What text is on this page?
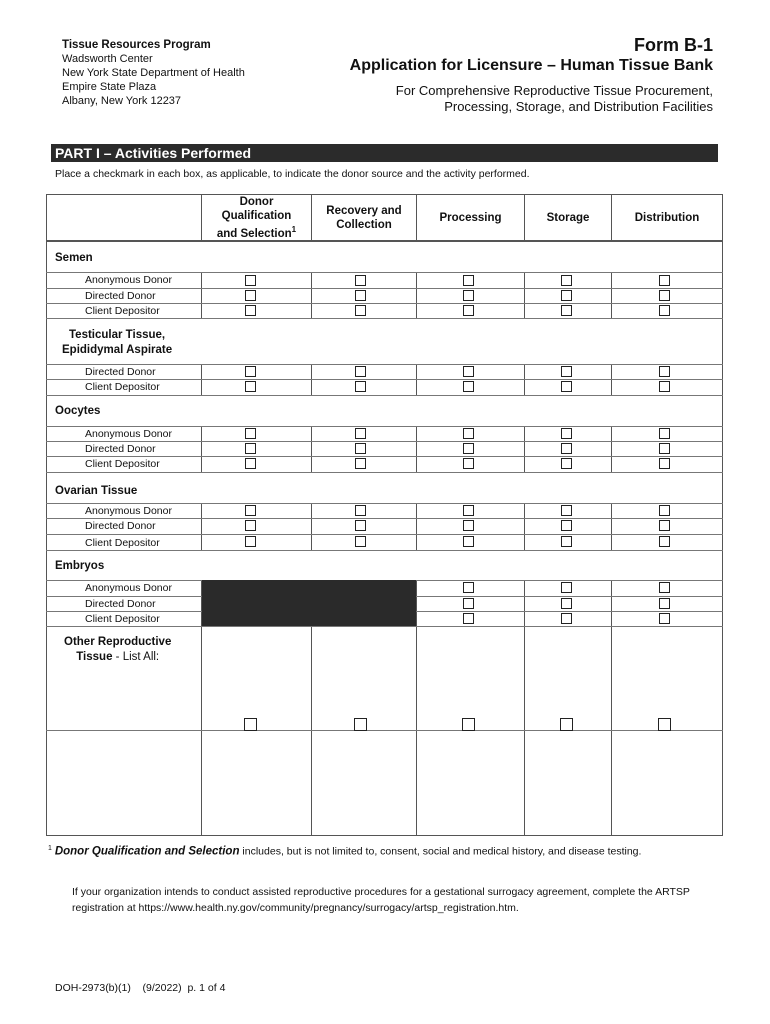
Tissue Resources Program
Wadsworth Center
New York State Department of Health
Empire State Plaza
Albany, New York 12237
Form B-1
Application for Licensure – Human Tissue Bank
For Comprehensive Reproductive Tissue Procurement,
Processing, Storage, and Distribution Facilities
PART I – Activities Performed
Place a checkmark in each box, as applicable, to indicate the donor source and the activity performed.
Donor
Qualification
and Selection$^1$
Recovery and
Collection
Processing	Storage	Distribution
Semen
Testicular Tissue,
Epididymal Aspirate
Oocytes
Ovarian Tissue
Embryos
Other Reproductive
Tissue - List All:
Anonymous Donor
Directed Donor
Client Depositor
Directed Donor
Client Depositor
Anonymous Donor
Directed Donor
Client Depositor
Anonymous Donor
Directed Donor
Client Depositor
Anonymous Donor
Directed Donor
Client Depositor
$^1$ Donor Qualification and Selection includes, but is not limited to, consent, social and medical history, and disease testing.
If your organization intends to conduct assisted reproductive procedures for a gestational surrogacy agreement, complete the ARTSP registration at https://www.health.ny.gov/community/pregnancy/surrogacy/artsp_registration.htm.
DOH-2973(b)(1)    (9/2022)  p. 1 of 4
